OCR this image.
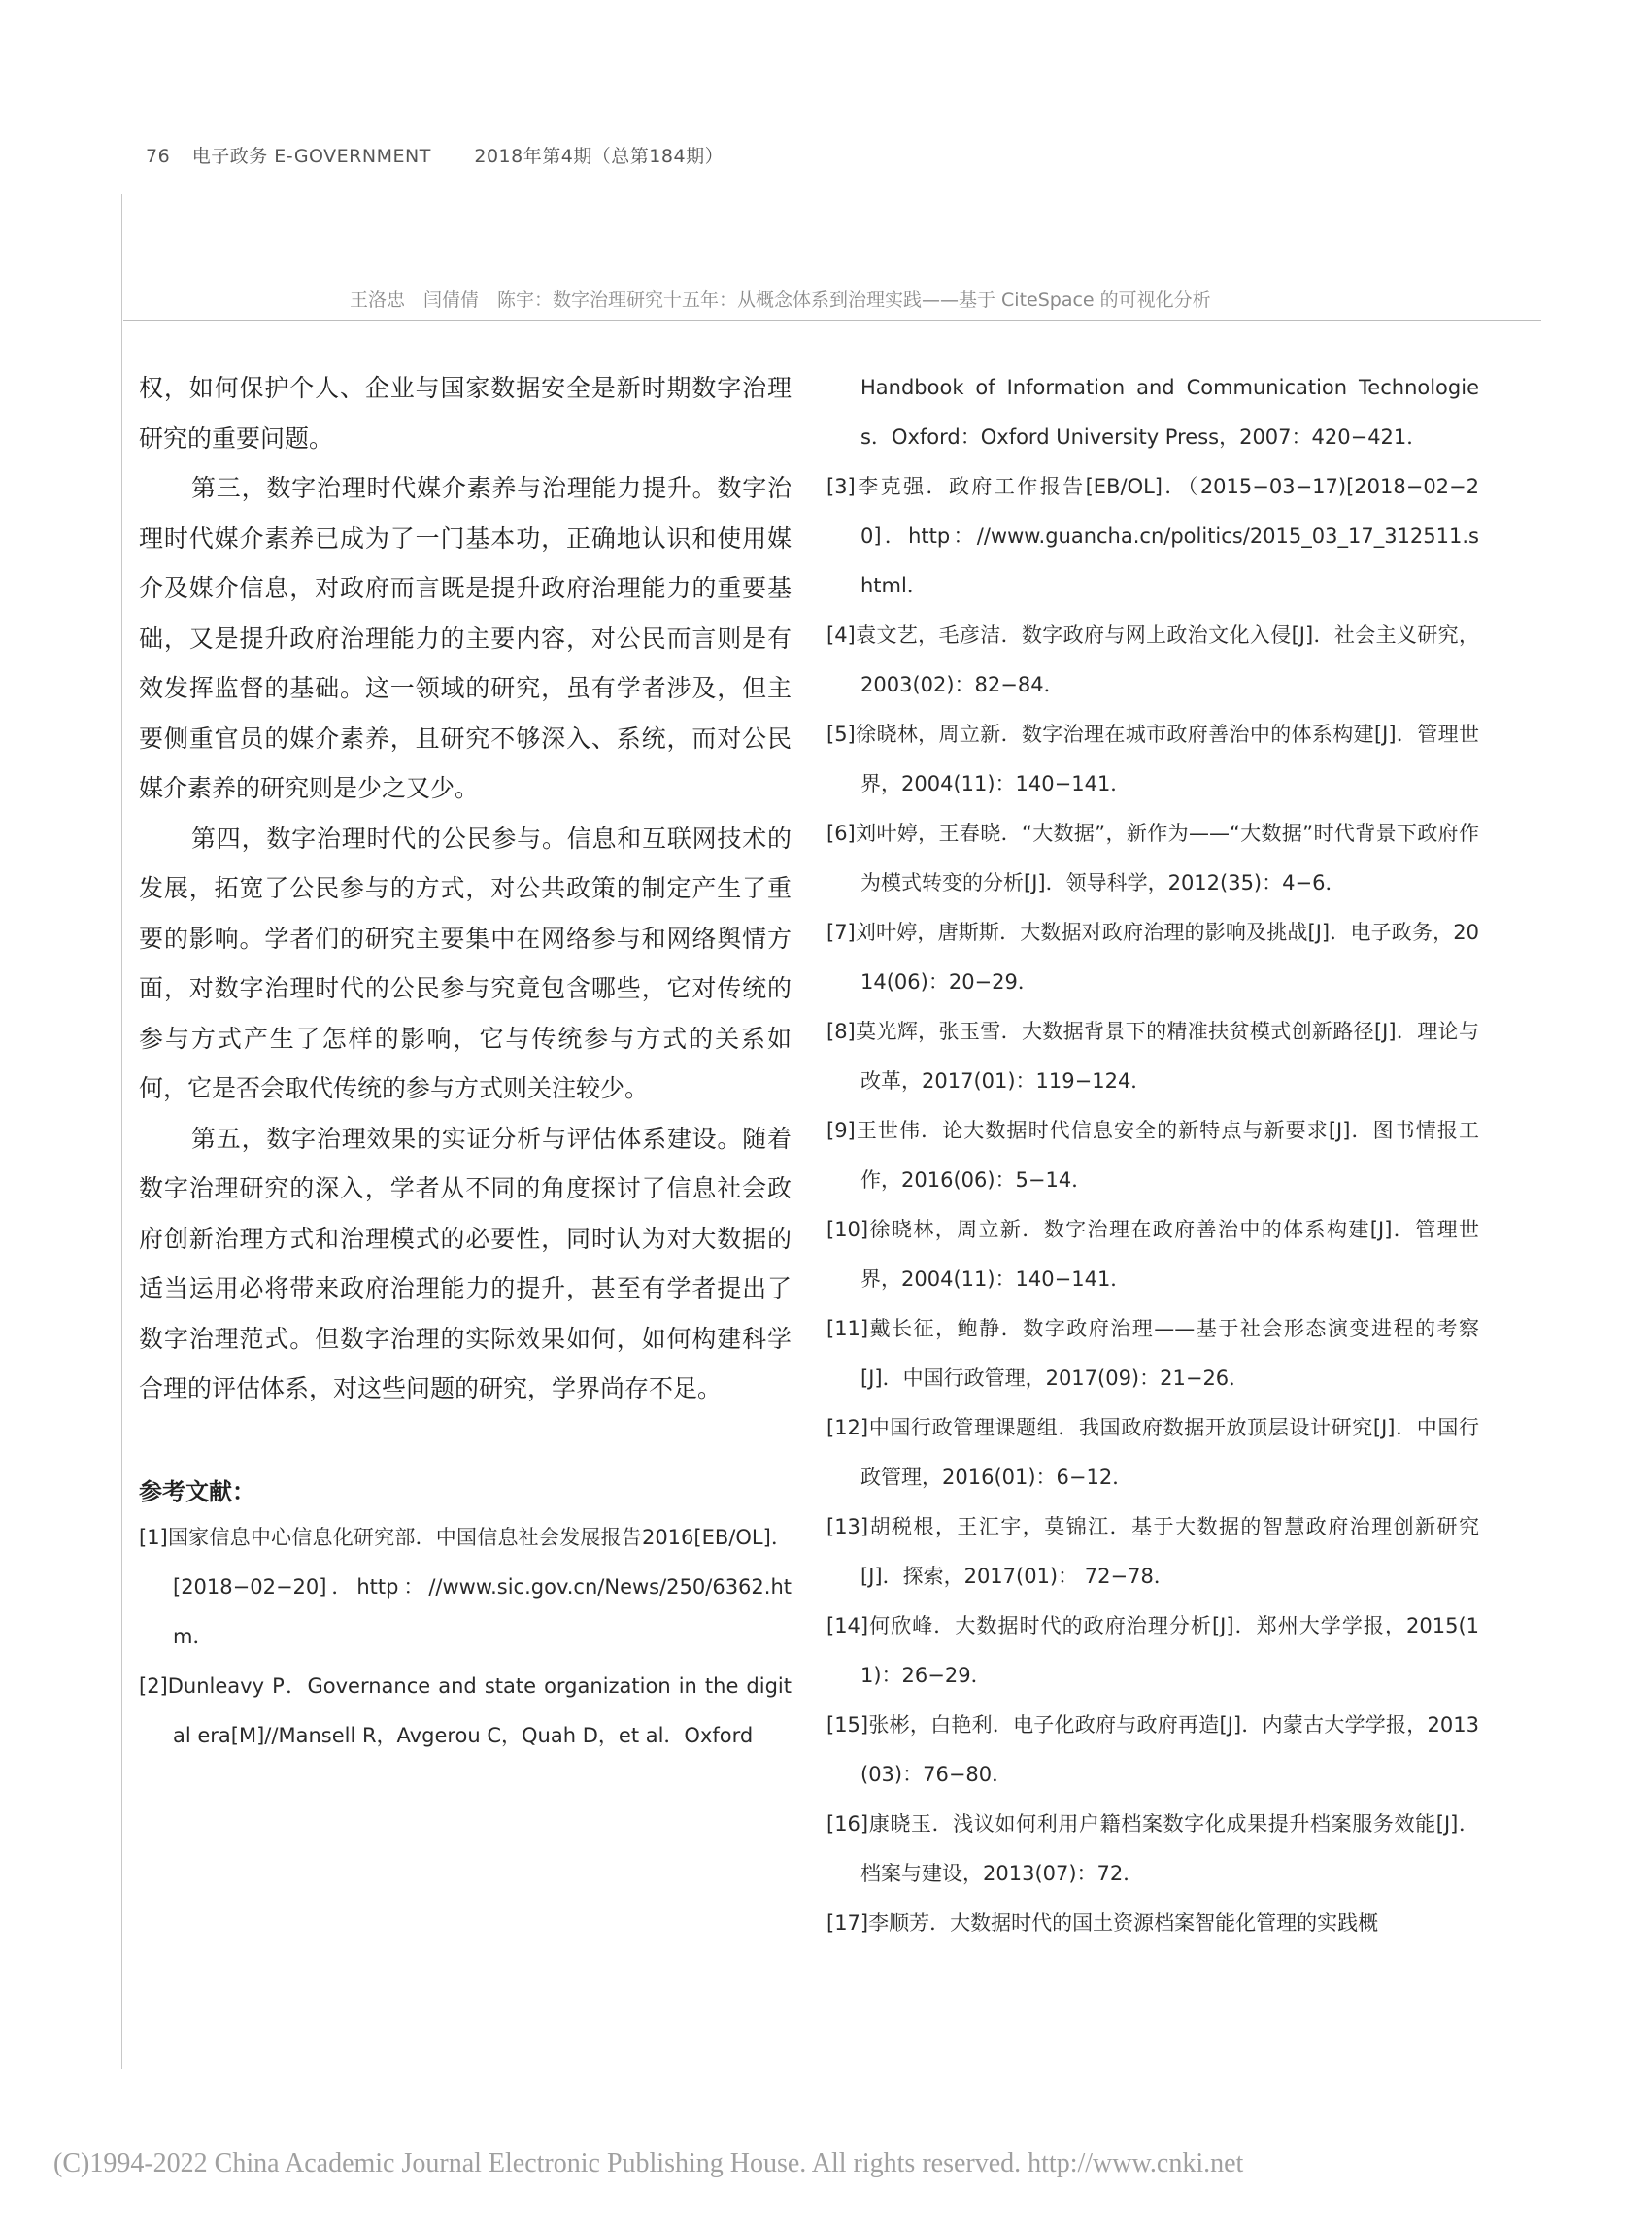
76 电子政务 E-GOVERNMENT 2018年第4期（总第184期）
王洛忠　闫倩倩　陈宇：数字治理研究十五年：从概念体系到治理实践——基于 CiteSpace 的可视化分析

权，如何保护个人、企业与国家数据安全是新时期数字治理研究的重要问题。

第三，数字治理时代媒介素养与治理能力提升。数字治理时代媒介素养已成为了一门基本功，正确地认识和使用媒介及媒介信息，对政府而言既是提升政府治理能力的重要基础，又是提升政府治理能力的主要内容，对公民而言则是有效发挥监督的基础。这一领域的研究，虽有学者涉及，但主要侧重官员的媒介素养，且研究不够深入、系统，而对公民媒介素养的研究则是少之又少。

第四，数字治理时代的公民参与。信息和互联网技术的发展，拓宽了公民参与的方式，对公共政策的制定产生了重要的影响。学者们的研究主要集中在网络参与和网络舆情方面，对数字治理时代的公民参与究竟包含哪些，它对传统的参与方式产生了怎样的影响，它与传统参与方式的关系如何，它是否会取代传统的参与方式则关注较少。

第五，数字治理效果的实证分析与评估体系建设。随着数字治理研究的深入，学者从不同的角度探讨了信息社会政府创新治理方式和治理模式的必要性，同时认为对大数据的适当运用必将带来政府治理能力的提升，甚至有学者提出了数字治理范式。但数字治理的实际效果如何，如何构建科学合理的评估体系，对这些问题的研究，学界尚存不足。

参考文献：
[1]国家信息中心信息化研究部．中国信息社会发展报告2016[EB/OL]．[2018−02−20]．http：//www.sic.gov.cn/News/250/6362.htm．
[2]Dunleavy P．Governance and state organization in the digital era[M]//Mansell R，Avgerou C，Quah D，et al．Oxford
Handbook of Information and Communication Technologies．Oxford：Oxford University Press，2007：420−421．
[3]李克强．政府工作报告[EB/OL]．（2015−03−17)[2018−02−20]．http：//www.guancha.cn/politics/2015_03_17_312511.shtml．
[4]袁文艺，毛彦洁．数字政府与网上政治文化入侵[J]．社会主义研究，2003(02)：82−84．
[5]徐晓林，周立新．数字治理在城市政府善治中的体系构建[J]．管理世界，2004(11)：140−141．
[6]刘叶婷，王春晓．“大数据”，新作为——“大数据”时代背景下政府作为模式转变的分析[J]．领导科学，2012(35)：4−6．
[7]刘叶婷，唐斯斯．大数据对政府治理的影响及挑战[J]．电子政务，2014(06)：20−29．
[8]莫光辉，张玉雪．大数据背景下的精准扶贫模式创新路径[J]．理论与改革，2017(01)：119−124．
[9]王世伟．论大数据时代信息安全的新特点与新要求[J]．图书情报工作，2016(06)：5−14．
[10]徐晓林，周立新．数字治理在政府善治中的体系构建[J]．管理世界，2004(11)：140−141．
[11]戴长征，鲍静．数字政府治理——基于社会形态演变进程的考察[J]．中国行政管理，2017(09)：21−26．
[12]中国行政管理课题组．我国政府数据开放顶层设计研究[J]．中国行政管理，2016(01)：6−12．
[13]胡税根，王汇宇，莫锦江．基于大数据的智慧政府治理创新研究[J]．探索，2017(01)： 72−78．
[14]何欣峰．大数据时代的政府治理分析[J]．郑州大学学报，2015(11)：26−29．
[15]张彬，白艳利．电子化政府与政府再造[J]．内蒙古大学学报，2013(03)：76−80．
[16]康晓玉．浅议如何利用户籍档案数字化成果提升档案服务效能[J]．档案与建设，2013(07)：72．
[17]李顺芳．大数据时代的国土资源档案智能化管理的实践概
(C)1994-2022 China Academic Journal Electronic Publishing House. All rights reserved. http://www.cnki.net
